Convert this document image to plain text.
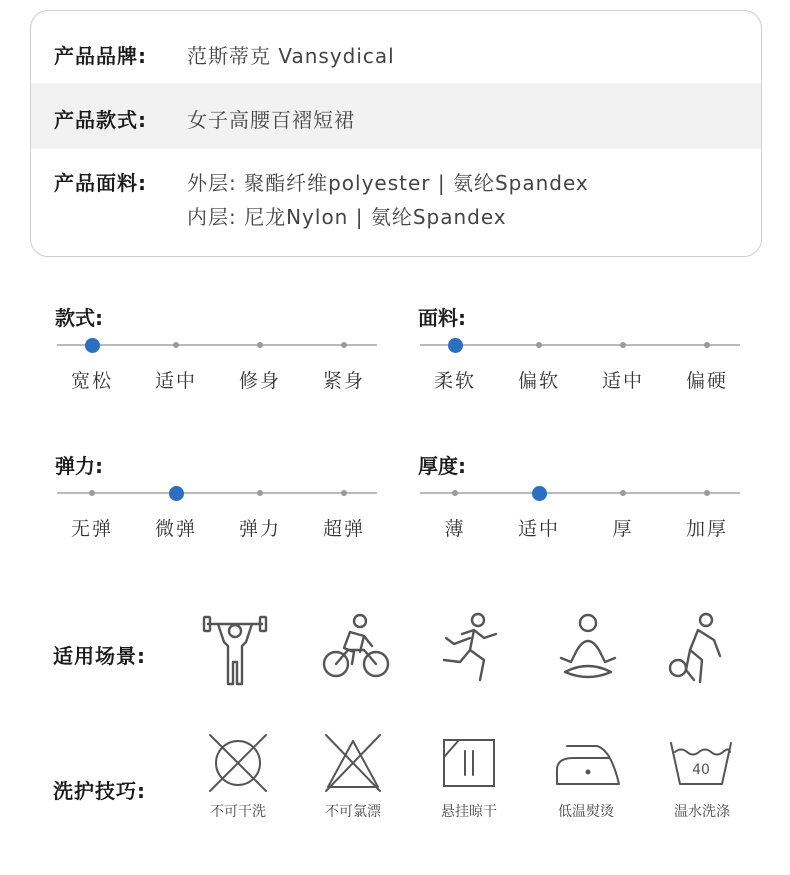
产品品牌: 范斯蒂克 Vansydical
产品款式: 女子高腰百褶短裙
产品面料: 外层: 聚酯纤维polyester | 氨纶Spandex
内层: 尼龙Nylon | 氨纶Spandex
款式:
宽松	适中	修身	紧身
面料:
柔软	偏软	适中	偏硬
弹力:
无弹	微弹	弹力	超弹
厚度:
薄	适中	厚	加厚
适用场景:
洗护技巧:
不可干洗	不可氯漂	悬挂晾干	低温熨烫
40
温水洗涤
